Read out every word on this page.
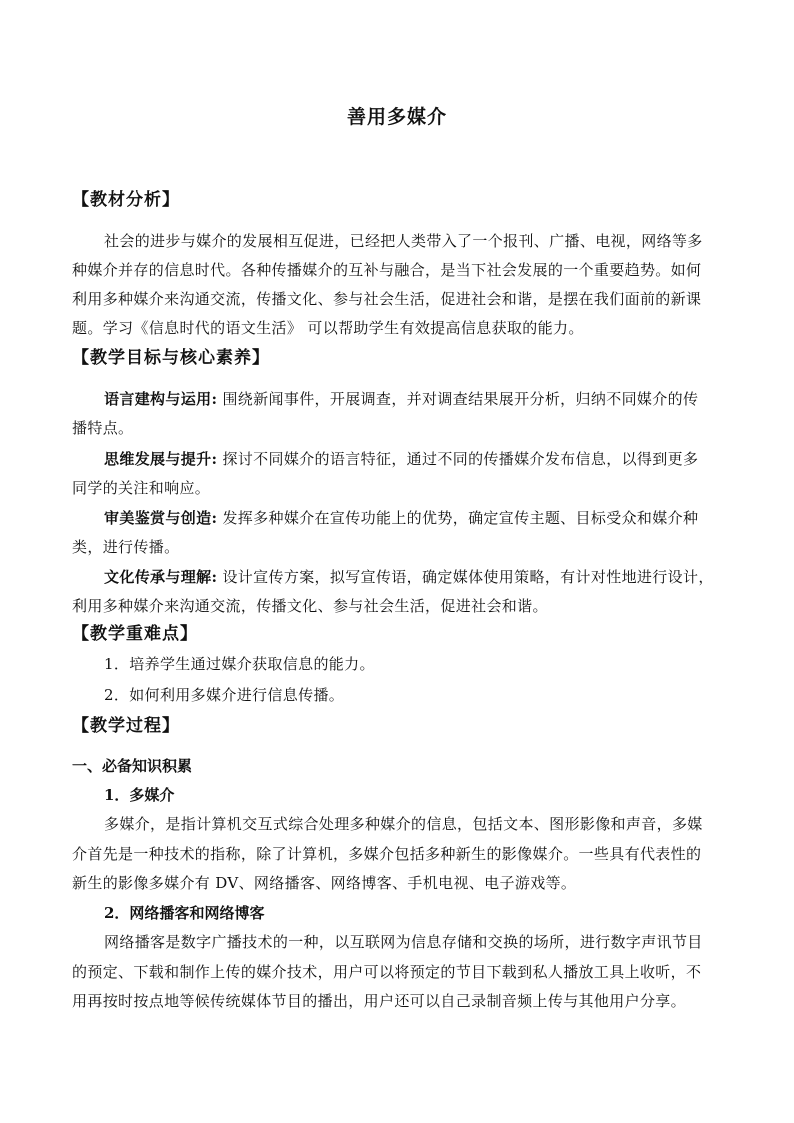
善用多媒介
【教材分析】
社会的进步与媒介的发展相互促进，已经把人类带入了一个报刊、广播、电视，网络等多
种媒介并存的信息时代。各种传播媒介的互补与融合，是当下社会发展的一个重要趋势。如何
利用多种媒介来沟通交流，传播文化、参与社会生活，促进社会和谐，是摆在我们面前的新课
题。学习《信息时代的语文生活》 可以帮助学生有效提高信息获取的能力。
【教学目标与核心素养】
语言建构与运用: 围绕新闻事件，开展调查，并对调查结果展开分析，归纳不同媒介的传
播特点。
思维发展与提升: 探讨不同媒介的语言特征，通过不同的传播媒介发布信息，以得到更多
同学的关注和响应。
审美鉴赏与创造: 发挥多种媒介在宣传功能上的优势，确定宣传主题、目标受众和媒介种
类，进行传播。
文化传承与理解: 设计宣传方案，拟写宣传语，确定媒体使用策略，有计对性地进行设计，
利用多种媒介来沟通交流，传播文化、参与社会生活，促进社会和谐。
【教学重难点】
1．培养学生通过媒介获取信息的能力。
2．如何利用多媒介进行信息传播。
【教学过程】
一、必备知识积累
1．多媒介
多媒介，是指计算机交互式综合处理多种媒介的信息，包括文本、图形影像和声音，多媒
介首先是一种技术的指称，除了计算机，多媒介包括多种新生的影像媒介。一些具有代表性的
新生的影像多媒介有 DV、网络播客、网络博客、手机电视、电子游戏等。
2．网络播客和网络博客
网络播客是数字广播技术的一种，以互联网为信息存储和交换的场所，进行数字声讯节目
的预定、下载和制作上传的媒介技术，用户可以将预定的节目下载到私人播放工具上收听，不
用再按时按点地等候传统媒体节目的播出，用户还可以自己录制音频上传与其他用户分享。
